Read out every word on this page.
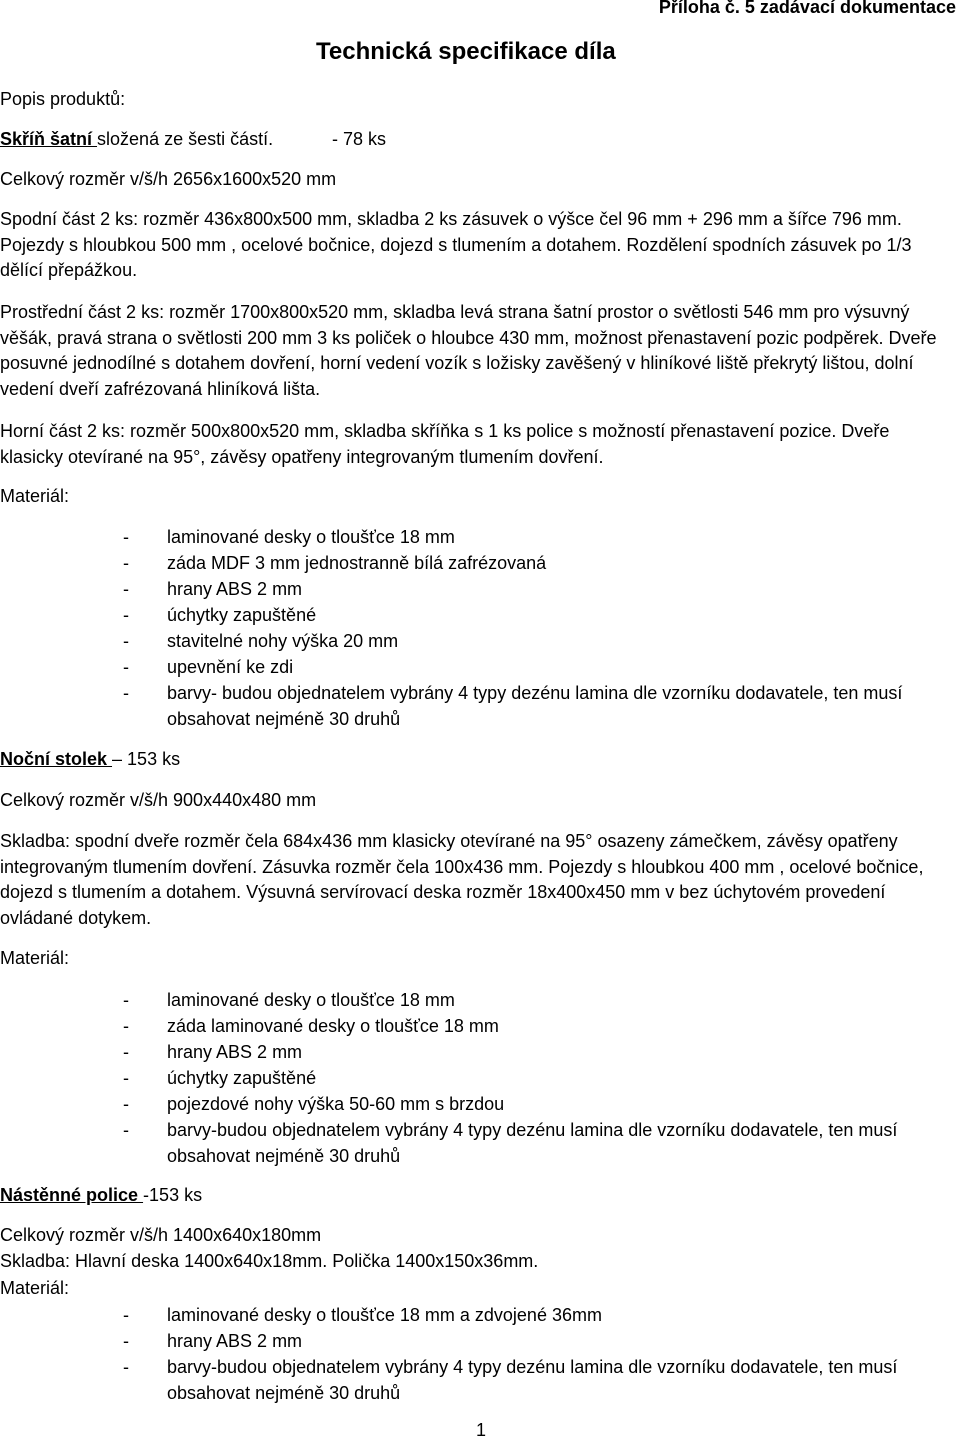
Příloha č. 5 zadávací dokumentace
Technická specifikace díla
Popis produktů:
Skříň šatní složená ze šesti částí.	- 78 ks
Celkový rozměr v/š/h 2656x1600x520 mm
Spodní část 2 ks: rozměr 436x800x500 mm, skladba 2 ks zásuvek o výšce čel 96 mm + 296 mm a šířce 796 mm. Pojezdy s hloubkou 500 mm , ocelové bočnice, dojezd s tlumením a dotahem. Rozdělení spodních zásuvek po 1/3 dělící přepážkou.
Prostřední část 2 ks: rozměr 1700x800x520 mm, skladba levá strana šatní prostor o světlosti 546 mm pro výsuvný věšák, pravá strana o světlosti 200 mm 3 ks poliček o hloubce 430 mm, možnost přenastavení pozic podpěrek. Dveře posuvné jednodílné s dotahem dovření, horní vedení vozík s ložisky zavěšený v hliníkové liště překrytý lištou, dolní vedení dveří zafrézovaná hliníková lišta.
Horní část 2 ks: rozměr 500x800x520 mm, skladba skříňka s 1 ks police s možností přenastavení pozice. Dveře klasicky otevírané na 95°, závěsy opatřeny integrovaným tlumením dovření.
Materiál:
- laminované desky o tloušťce 18 mm
- záda MDF 3 mm jednostranně bílá zafrézovaná
- hrany ABS 2 mm
- úchytky zapuštěné
- stavitelné nohy výška 20 mm
- upevnění ke zdi
- barvy- budou objednatelem vybrány 4 typy dezénu lamina dle vzorníku dodavatele, ten musí obsahovat nejméně 30 druhů
Noční stolek – 153 ks
Celkový rozměr v/š/h 900x440x480 mm
Skladba: spodní dveře rozměr čela 684x436 mm klasicky otevírané na 95° osazeny zámečkem, závěsy opatřeny integrovaným tlumením dovření. Zásuvka rozměr čela 100x436 mm. Pojezdy s hloubkou 400 mm , ocelové bočnice, dojezd s tlumením a dotahem. Výsuvná servírovací deska rozměr 18x400x450 mm v bez úchytovém provedení ovládané dotykem.
Materiál:
- laminované desky o tloušťce 18 mm
- záda laminované desky o tloušťce 18 mm
- hrany ABS 2 mm
- úchytky zapuštěné
- pojezdové nohy výška 50-60 mm s brzdou
- barvy-budou objednatelem vybrány 4 typy dezénu lamina dle vzorníku dodavatele, ten musí obsahovat nejméně 30 druhů
Nástěnné police -153 ks
Celkový rozměr v/š/h 1400x640x180mm
Skladba: Hlavní deska 1400x640x18mm. Polička 1400x150x36mm.
Materiál:
- laminované desky o tloušťce 18 mm a zdvojené 36mm
- hrany ABS 2 mm
- barvy-budou objednatelem vybrány 4 typy dezénu lamina dle vzorníku dodavatele, ten musí obsahovat nejméně 30 druhů
1
